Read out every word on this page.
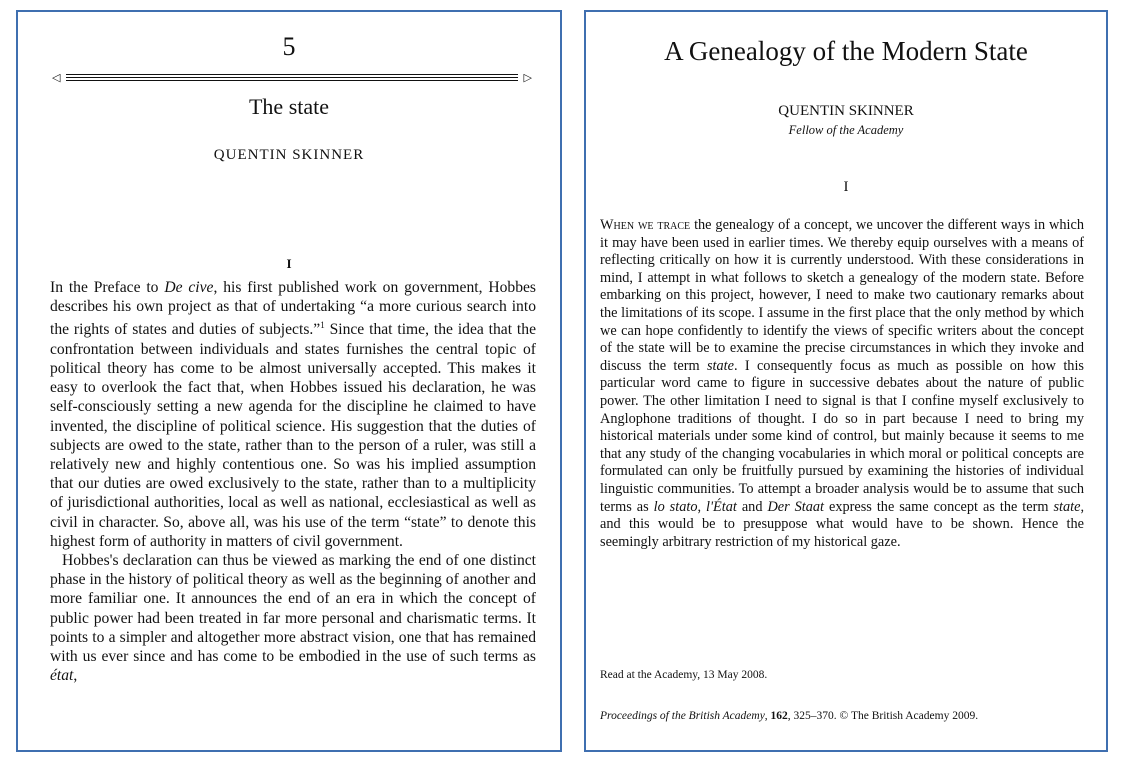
5
◁	▷
The state
QUENTIN SKINNER
I

In the Preface to De cive, his first published work on government, Hobbes describes his own project as that of undertaking “a more curious search into the rights of states and duties of subjects.”$^1$ Since that time, the idea that the confrontation between individuals and states furnishes the central topic of political theory has come to be almost universally accepted. This makes it easy to overlook the fact that, when Hobbes issued his declaration, he was self-consciously setting a new agenda for the discipline he claimed to have invented, the discipline of political science. His suggestion that the duties of subjects are owed to the state, rather than to the person of a ruler, was still a relatively new and highly contentious one. So was his implied assumption that our duties are owed exclusively to the state, rather than to a multiplicity of jurisdictional authorities, local as well as national, ecclesiastical as well as civil in character. So, above all, was his use of the term “state” to denote this highest form of authority in matters of civil government.

Hobbes's declaration can thus be viewed as marking the end of one distinct phase in the history of political theory as well as the beginning of another and more familiar one. It announces the end of an era in which the concept of public power had been treated in far more personal and charismatic terms. It points to a simpler and altogether more abstract vision, one that has remained with us ever since and has come to be embodied in the use of such terms as état,

A Genealogy of the Modern State
QUENTIN SKINNER
Fellow of the Academy
I

When we trace the genealogy of a concept, we uncover the different ways in which it may have been used in earlier times. We thereby equip ourselves with a means of reflecting critically on how it is currently understood. With these considerations in mind, I attempt in what follows to sketch a genealogy of the modern state. Before embarking on this project, however, I need to make two cautionary remarks about the limitations of its scope. I assume in the first place that the only method by which we can hope confidently to identify the views of specific writers about the concept of the state will be to examine the precise circumstances in which they invoke and discuss the term state. I consequently focus as much as possible on how this particular word came to figure in successive debates about the nature of public power. The other limitation I need to signal is that I confine myself exclusively to Anglophone traditions of thought. I do so in part because I need to bring my historical materials under some kind of control, but mainly because it seems to me that any study of the changing vocabularies in which moral or political concepts are formulated can only be fruitfully pursued by examining the histories of individual linguistic communities. To attempt a broader analysis would be to assume that such terms as lo stato, l'État and Der Staat express the same concept as the term state, and this would be to presuppose what would have to be shown. Hence the seemingly arbitrary restriction of my historical gaze.

Read at the Academy, 13 May 2008.
Proceedings of the British Academy, 162, 325–370. © The British Academy 2009.
